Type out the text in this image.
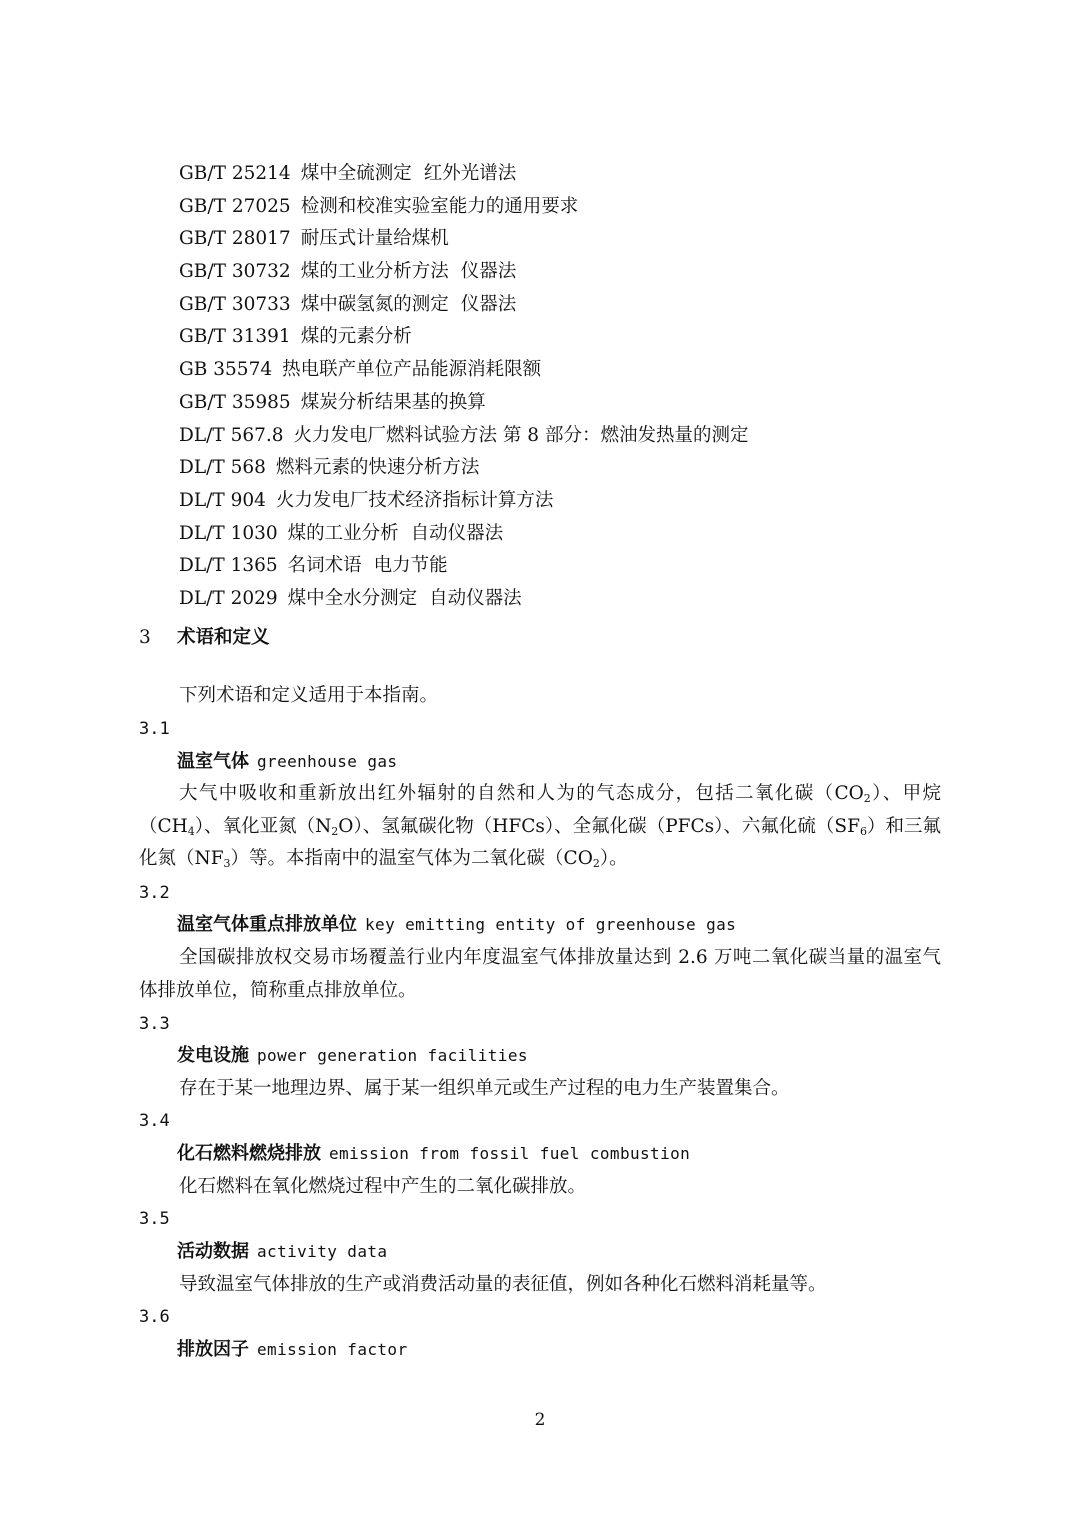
GB/T 25214 煤中全硫测定 红外光谱法
GB/T 27025 检测和校准实验室能力的通用要求
GB/T 28017 耐压式计量给煤机
GB/T 30732 煤的工业分析方法 仪器法
GB/T 30733 煤中碳氢氮的测定 仪器法
GB/T 31391 煤的元素分析
GB 35574 热电联产单位产品能源消耗限额
GB/T 35985 煤炭分析结果基的换算
DL/T 567.8 火力发电厂燃料试验方法 第 8 部分：燃油发热量的测定
DL/T 568 燃料元素的快速分析方法
DL/T 904 火力发电厂技术经济指标计算方法
DL/T 1030 煤的工业分析 自动仪器法
DL/T 1365 名词术语 电力节能
DL/T 2029 煤中全水分测定 自动仪器法
3 术语和定义
下列术语和定义适用于本指南。
3.1
温室气体 greenhouse gas
大气中吸收和重新放出红外辐射的自然和人为的气态成分，包括二氧化碳$(CO_2)$、甲烷$(CH_4)$、氧化亚氮$(N_2O)$、氢氟碳化物（HFCs）、全氟化碳（PFCs）、六氟化硫$(SF_6)$和三氟化氮$(NF_3)$等。本指南中的温室气体为二氧化碳$(CO_2)$。
3.2
温室气体重点排放单位 key emitting entity of greenhouse gas
全国碳排放权交易市场覆盖行业内年度温室气体排放量达到 2.6 万吨二氧化碳当量的温室气体排放单位，简称重点排放单位。
3.3
发电设施 power generation facilities
存在于某一地理边界、属于某一组织单元或生产过程的电力生产装置集合。
3.4
化石燃料燃烧排放 emission from fossil fuel combustion
化石燃料在氧化燃烧过程中产生的二氧化碳排放。
3.5
活动数据 activity data
导致温室气体排放的生产或消费活动量的表征值，例如各种化石燃料消耗量等。
3.6
排放因子 emission factor
2
